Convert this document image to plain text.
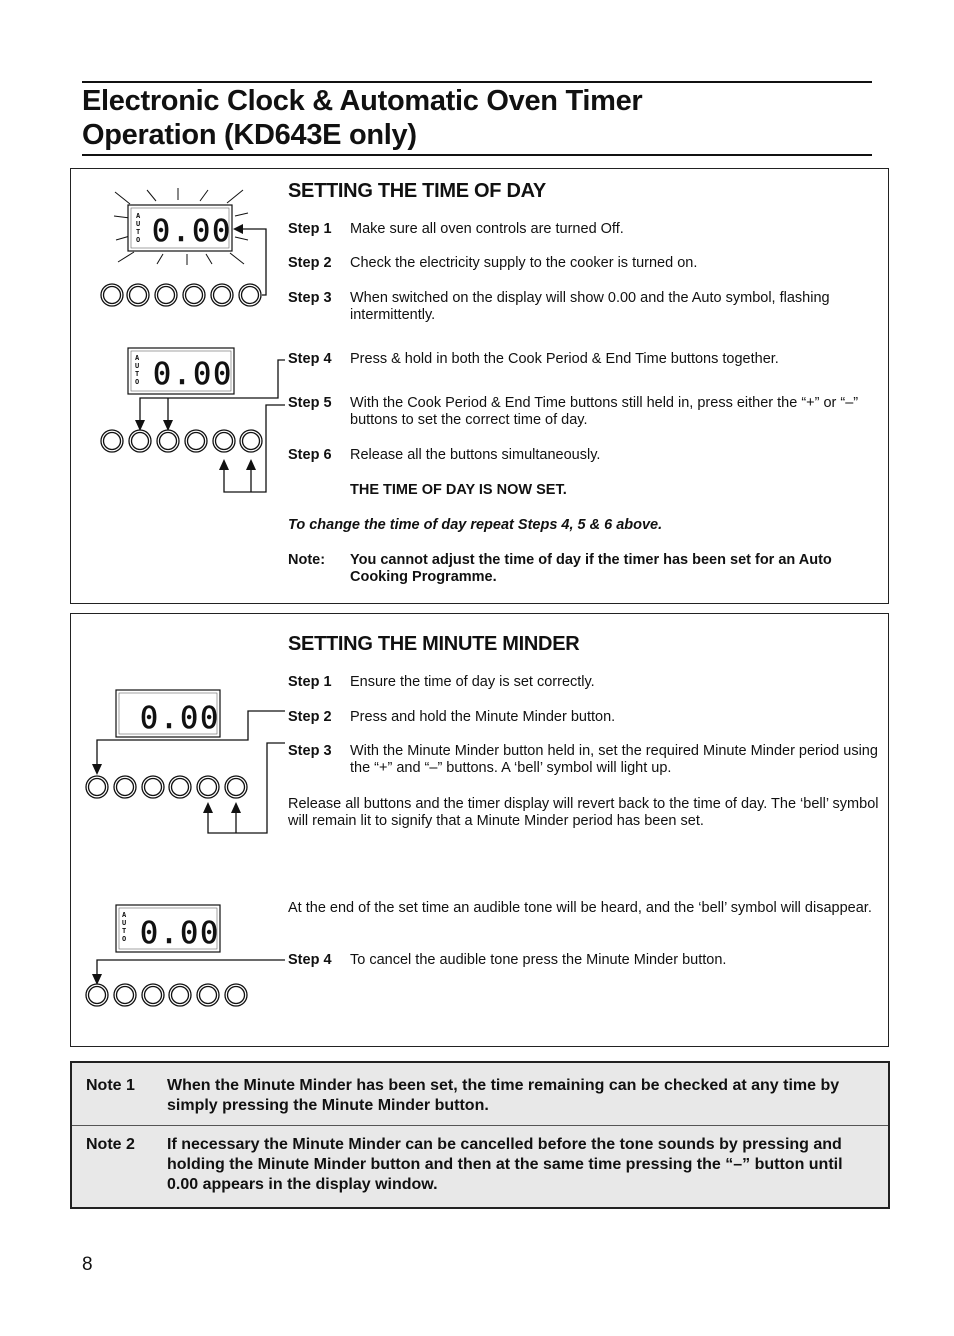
Electronic Clock & Automatic Oven Timer
Operation (KD643E only)
A
U
T
O 0.00
A
U
T
O 0.00
SETTING THE TIME OF DAY
Step 1 Make sure all oven controls are turned Off.
Step 2 Check the electricity supply to the cooker is turned on.
Step 3 When switched on the display will show 0.00 and the Auto symbol, flashing intermittently.
Step 4 Press & hold in both the Cook Period & End Time buttons together.
Step 5 With the Cook Period & End Time buttons still held in, press either the “+” or “–” buttons to set the correct time of day.
Step 6 Release all the buttons simultaneously.
THE TIME OF DAY IS NOW SET.
To change the time of day repeat Steps 4, 5 & 6 above.
Note: You cannot adjust the time of day if the timer has been set for an Auto Cooking Programme.
0.00
A
U
T
O 0.00
SETTING THE MINUTE MINDER
Step 1 Ensure the time of day is set correctly.
Step 2 Press and hold the Minute Minder button.
Step 3 With the Minute Minder button held in, set the required Minute Minder period using the “+” and “–” buttons. A ‘bell’ symbol will light up.
Release all buttons and the timer display will revert back to the time of day. The ‘bell’ symbol will remain lit to signify that a Minute Minder period has been set.
At the end of the set time an audible tone will be heard, and the ‘bell’ symbol will disappear.
Step 4 To cancel the audible tone press the Minute Minder button.
Note 1 When the Minute Minder has been set, the time remaining can be checked at any time by simply pressing the Minute Minder button.
Note 2 If necessary the Minute Minder can be cancelled before the tone sounds by pressing and holding the Minute Minder button and then at the same time pressing the “–” button until 0.00 appears in the display window.
8
